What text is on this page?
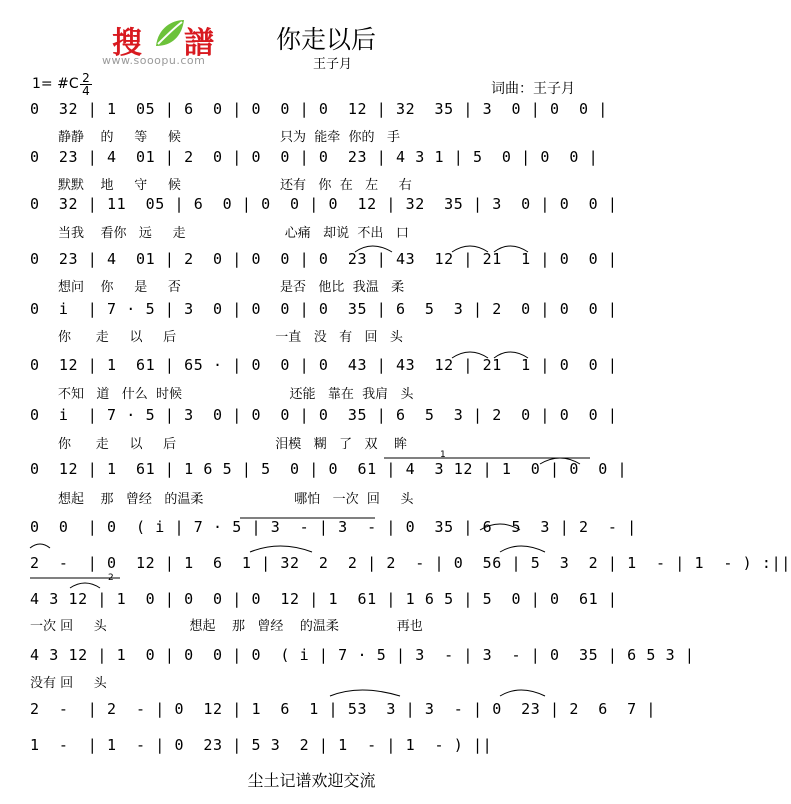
搜 譜
www.sooopu.com
你走以后
王子月
1= #C 2
4	词曲：王子月
0  32 | 1  05 | 6  0 | 0  0 | 0  12 | 32  35 | 3  0 | 0  0 |
静静    的     等     候                        只为  能牵  你的   手
0  23 | 4  01 | 2  0 | 0  0 | 0  23 | 4 3 1 | 5  0 | 0  0 |
默默    地     守     候                        还有   你  在   左     右
0  32 | 11  05 | 6  0 | 0  0 | 0  12 | 32  35 | 3  0 | 0  0 |
当我    看你   远     走                        心痛   却说  不出   口
0  23 | 4  01 | 2  0 | 0  0 | 0  23 | 43  12 | 21  1 | 0  0 |
想问    你     是     否                        是否   他比  我温   柔
0  i  | 7 · 5 | 3  0 | 0  0 | 0  35 | 6  5  3 | 2  0 | 0  0 |
你      走     以     后                        一直   没   有   回   头
0  12 | 1  61 | 65 · | 0  0 | 0  43 | 43  12 | 21  1 | 0  0 |
不知   道   什么  时候                          还能   靠在  我肩   头
0  i  | 7 · 5 | 3  0 | 0  0 | 0  35 | 6  5  3 | 2  0 | 0  0 |
你      走     以     后                        泪模   糊   了   双    眸
0  12 | 1  61 | 1 6 5 | 5  0 | 0  61 | 4  3 12 | 1  0 | 0  0 |
想起    那   曾经   的温柔                      哪怕   一次  回     头
0  0  | 0  ( i | 7 · 5 | 3  - | 3  - | 0  35 | 6  5  3 | 2  - |
2  -  | 0  12 | 1  6  1 | 32  2  2 | 2  - | 0  56 | 5  3  2 | 1  - | 1  - ) :||
4 3 12 | 1  0 | 0  0 | 0  12 | 1  61 | 1 6 5 | 5  0 | 0  61 |
一次 回     头                    想起    那   曾经    的温柔              再也
4 3 12 | 1  0 | 0  0 | 0  ( i | 7 · 5 | 3  - | 3  - | 0  35 | 6 5 3 |
没有 回     头
2  -  | 2  - | 0  12 | 1  6  1 | 53  3 | 3  - | 0  23 | 2  6  7 |
1  -  | 1  - | 0  23 | 5 3  2 | 1  - | 1  - ) ||
1
2
尘土记谱欢迎交流
